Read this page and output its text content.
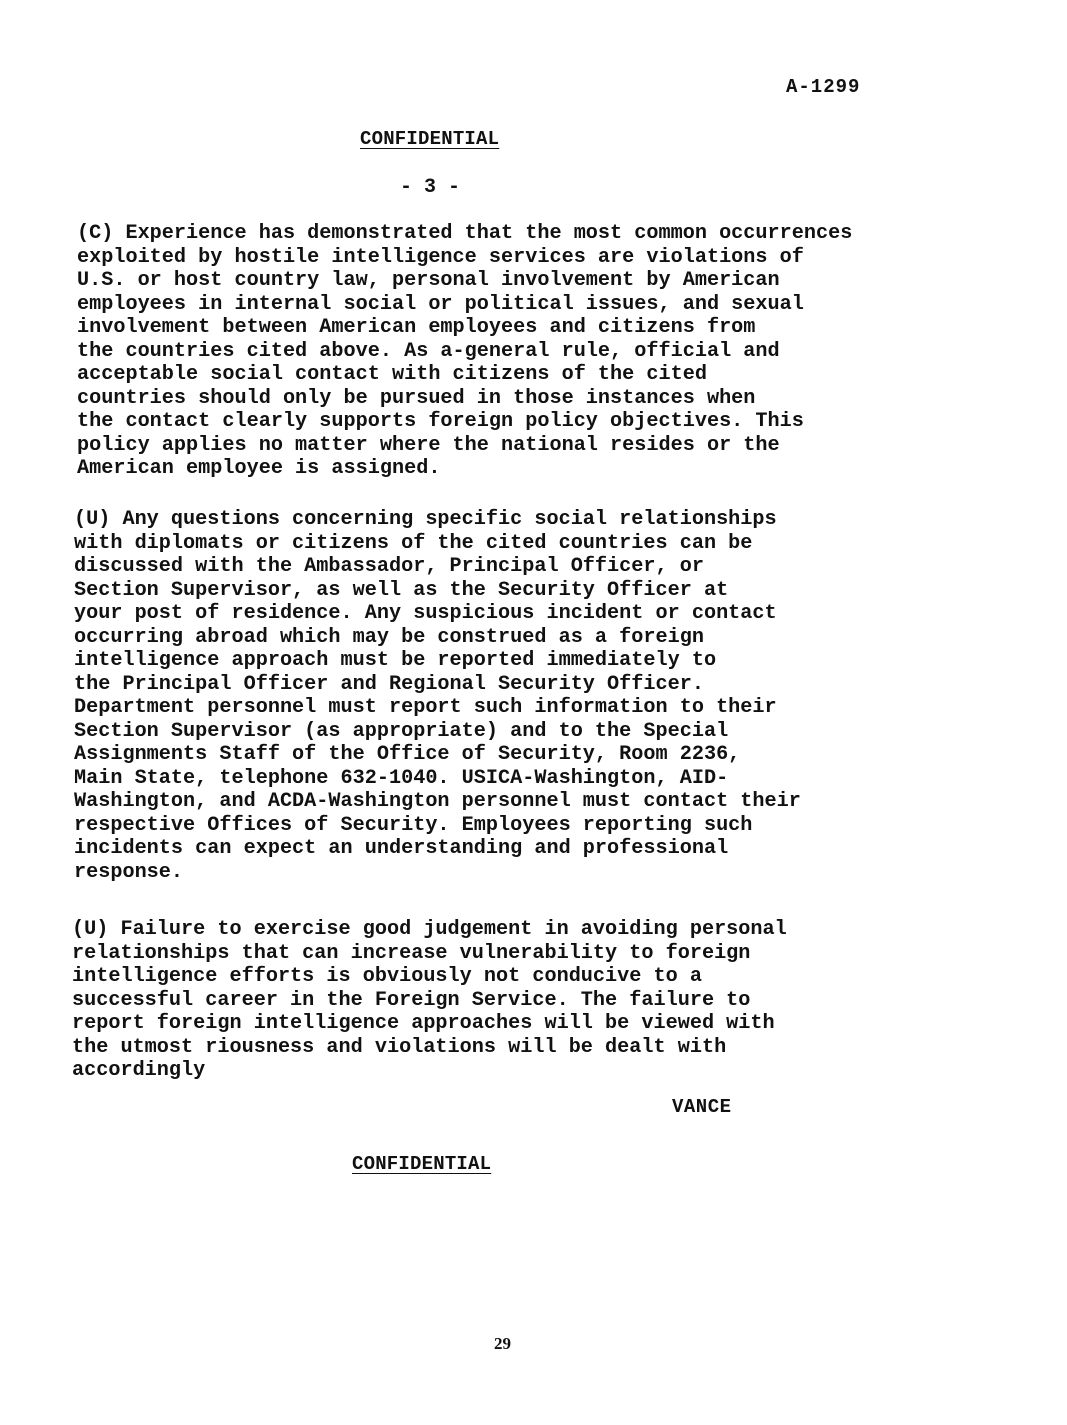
A-1299
CONFIDENTIAL
- 3 -
(C) Experience has demonstrated that the most common occurrences
exploited by hostile intelligence services are violations of
U.S. or host country law, personal involvement by American
employees in internal social or political issues, and sexual
involvement between American employees and citizens from
the countries cited above. As a-general rule, official and
acceptable social contact with citizens of the cited
countries should only be pursued in those instances when
the contact clearly supports foreign policy objectives. This
policy applies no matter where the national resides or the
American employee is assigned.
(U) Any questions concerning specific social relationships
with diplomats or citizens of the cited countries can be
discussed with the Ambassador, Principal Officer, or
Section Supervisor, as well as the Security Officer at
your post of residence. Any suspicious incident or contact
occurring abroad which may be construed as a foreign
intelligence approach must be reported immediately to
the Principal Officer and Regional Security Officer.
Department personnel must report such information to their
Section Supervisor (as appropriate) and to the Special
Assignments Staff of the Office of Security, Room 2236,
Main State, telephone 632-1040. USICA-Washington, AID-
Washington, and ACDA-Washington personnel must contact their
respective Offices of Security. Employees reporting such
incidents can expect an understanding and professional
response.
(U) Failure to exercise good judgement in avoiding personal
relationships that can increase vulnerability to foreign
intelligence efforts is obviously not conducive to a
successful career in the Foreign Service. The failure to
report foreign intelligence approaches will be viewed with
the utmost riousness and violations will be dealt with
accordingly
VANCE
CONFIDENTIAL
29
